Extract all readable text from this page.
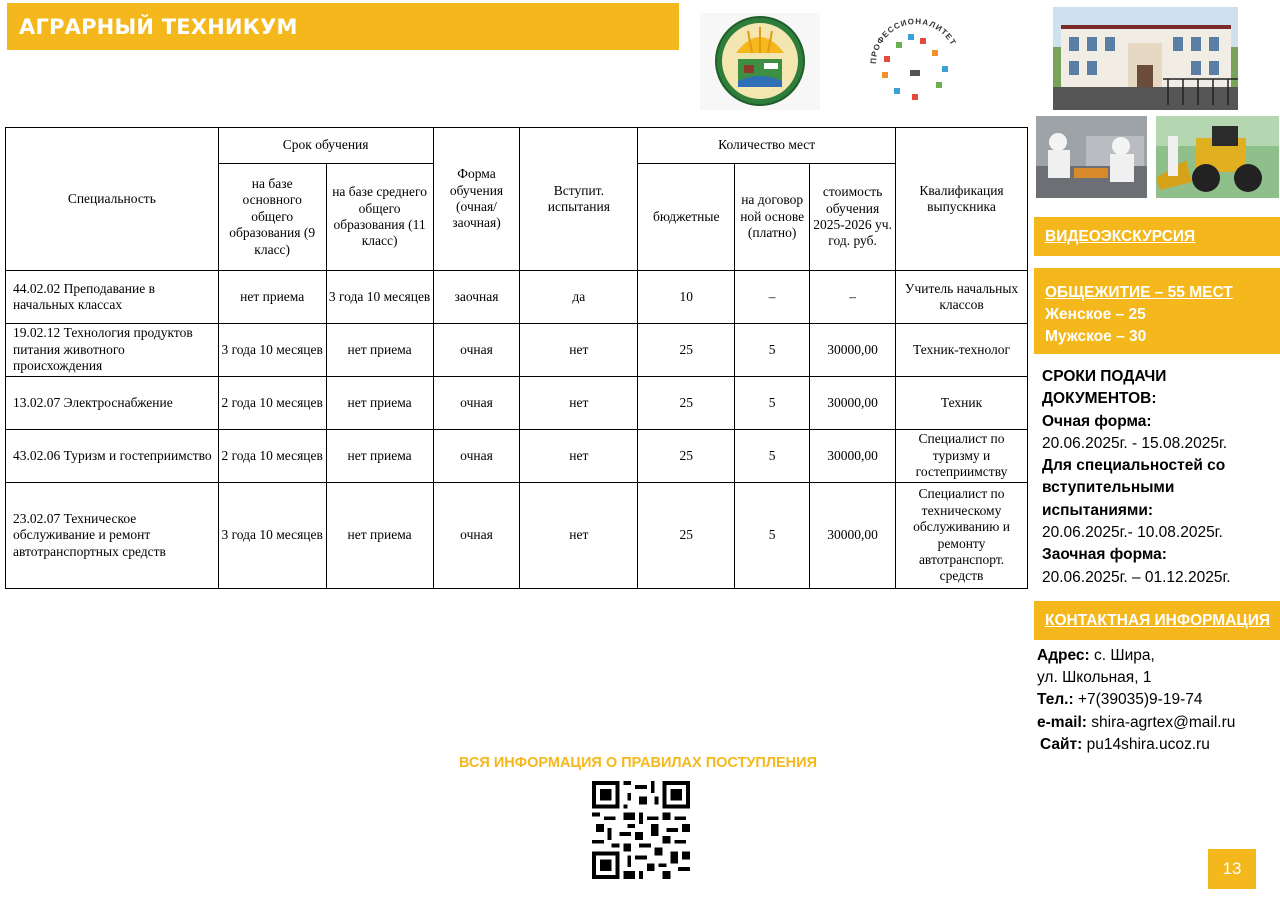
АГРАРНЫЙ ТЕХНИКУМ
ПРОФЕССИОНАЛИТЕТ
Специальность	Срок обучения		Форма обучения (очная/ заочная)	Вступит. испытания	Количество мест			Квалификация выпускника
	на базе основного общего образования (9 класс)	на базе среднего общего образования (11 класс)			бюджетные	на договор ной основе (платно)	стоимость обучения 2025-2026 уч. год. руб.	
44.02.02 Преподавание в начальных классах	нет приема	3 года 10 месяцев	заочная	да	10	–	–	Учитель начальных классов
19.02.12 Технология продуктов питания животного происхождения	3 года 10 месяцев	нет приема	очная	нет	25	5	30000,00	Техник-технолог
13.02.07 Электроснабжение	2 года 10 месяцев	нет приема	очная	нет	25	5	30000,00	Техник
43.02.06 Туризм и гостеприимство	2 года 10 месяцев	нет приема	очная	нет	25	5	30000,00	Специалист по туризму и гостеприимству
23.02.07 Техническое обслуживание и ремонт автотранспортных средств	3 года 10 месяцев	нет приема	очная	нет	25	5	30000,00	Специалист по техническому обслуживанию и ремонту автотранспорт. средств
ВИДЕОЭКСКУРСИЯ
ОБЩЕЖИТИЕ – 55 МЕСТ
Женское – 25
Мужское – 30
СРОКИ ПОДАЧИ ДОКУМЕНТОВ:
Очная форма:
20.06.2025г. - 15.08.2025г.
Для специальностей со вступительными испытаниями:
20.06.2025г.- 10.08.2025г.
Заочная форма:
20.06.2025г. – 01.12.2025г.
КОНТАКТНАЯ ИНФОРМАЦИЯ
Адрес: с. Шира,
ул. Школьная, 1
Тел.: +7(39035)9-19-74
e-mail: shira-agrtex@mail.ru
Сайт: pu14shira.ucoz.ru
ВСЯ ИНФОРМАЦИЯ О ПРАВИЛАХ ПОСТУПЛЕНИЯ
13
